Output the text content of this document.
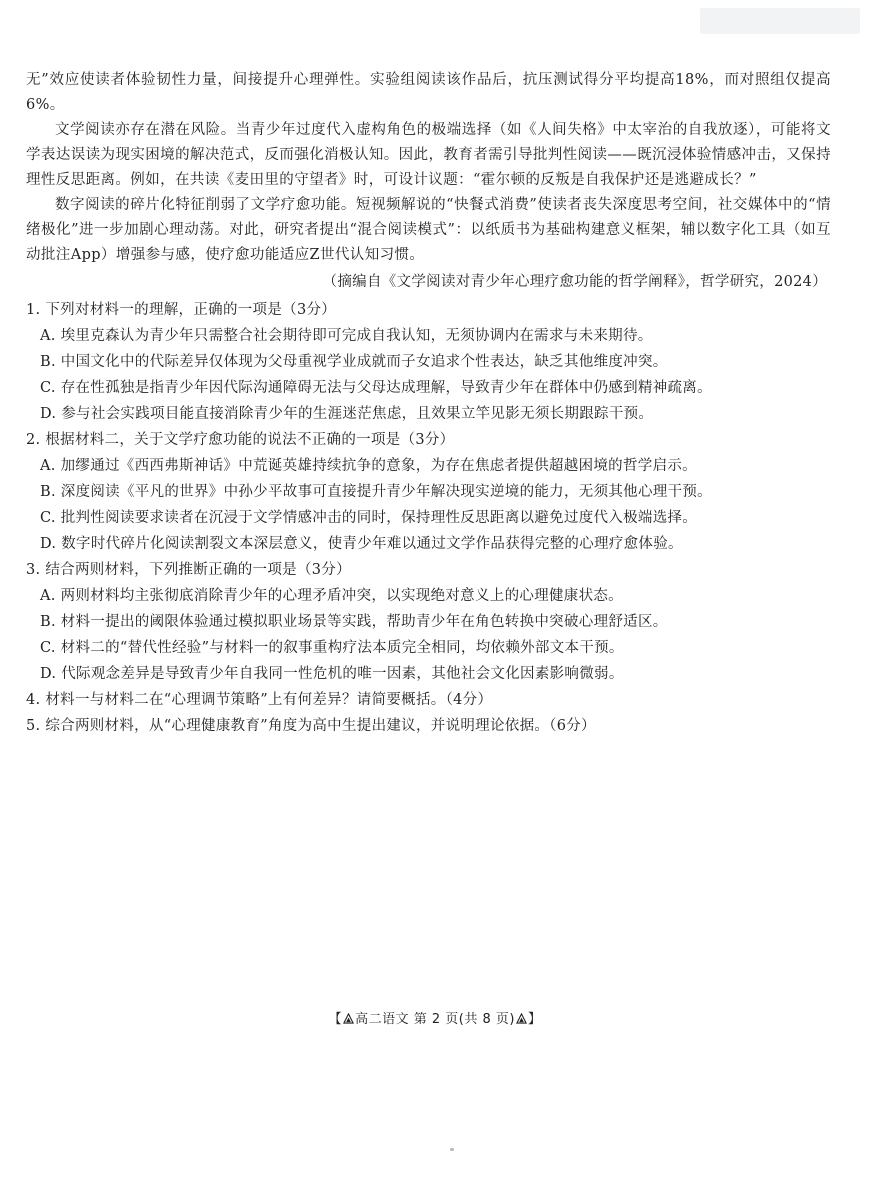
无”效应使读者体验韧性力量，间接提升心理弹性。实验组阅读该作品后，抗压测试得分平均提高18%，而对照组仅提高6%。

文学阅读亦存在潜在风险。当青少年过度代入虚构角色的极端选择（如《人间失格》中太宰治的自我放逐），可能将文学表达误读为现实困境的解决范式，反而强化消极认知。因此，教育者需引导批判性阅读——既沉浸体验情感冲击，又保持理性反思距离。例如，在共读《麦田里的守望者》时，可设计议题：“霍尔顿的反叛是自我保护还是逃避成长？”

数字阅读的碎片化特征削弱了文学疗愈功能。短视频解说的“快餐式消费”使读者丧失深度思考空间，社交媒体中的“情绪极化”进一步加剧心理动荡。对此，研究者提出“混合阅读模式”：以纸质书为基础构建意义框架，辅以数字化工具（如互动批注App）增强参与感，使疗愈功能适应Z世代认知习惯。

（摘编自《文学阅读对青少年心理疗愈功能的哲学阐释》，哲学研究，2024）

1. 下列对材料一的理解，正确的一项是（3分）

A. 埃里克森认为青少年只需整合社会期待即可完成自我认知，无须协调内在需求与未来期待。

B. 中国文化中的代际差异仅体现为父母重视学业成就而子女追求个性表达，缺乏其他维度冲突。

C. 存在性孤独是指青少年因代际沟通障碍无法与父母达成理解，导致青少年在群体中仍感到精神疏离。

D. 参与社会实践项目能直接消除青少年的生涯迷茫焦虑，且效果立竿见影无须长期跟踪干预。

2. 根据材料二，关于文学疗愈功能的说法不正确的一项是（3分）

A. 加缪通过《西西弗斯神话》中荒诞英雄持续抗争的意象，为存在焦虑者提供超越困境的哲学启示。

B. 深度阅读《平凡的世界》中孙少平故事可直接提升青少年解决现实逆境的能力，无须其他心理干预。

C. 批判性阅读要求读者在沉浸于文学情感冲击的同时，保持理性反思距离以避免过度代入极端选择。

D. 数字时代碎片化阅读割裂文本深层意义，使青少年难以通过文学作品获得完整的心理疗愈体验。

3. 结合两则材料，下列推断正确的一项是（3分）

A. 两则材料均主张彻底消除青少年的心理矛盾冲突，以实现绝对意义上的心理健康状态。

B. 材料一提出的阈限体验通过模拟职业场景等实践，帮助青少年在角色转换中突破心理舒适区。

C. 材料二的“替代性经验”与材料一的叙事重构疗法本质完全相同，均依赖外部文本干预。

D. 代际观念差异是导致青少年自我同一性危机的唯一因素，其他社会文化因素影响微弱。

4. 材料一与材料二在“心理调节策略”上有何差异？请简要概括。（4分）

5. 综合两则材料，从“心理健康教育”角度为高中生提出建议，并说明理论依据。（6分）

【 高二语文 第 2 页(共 8 页) 】
